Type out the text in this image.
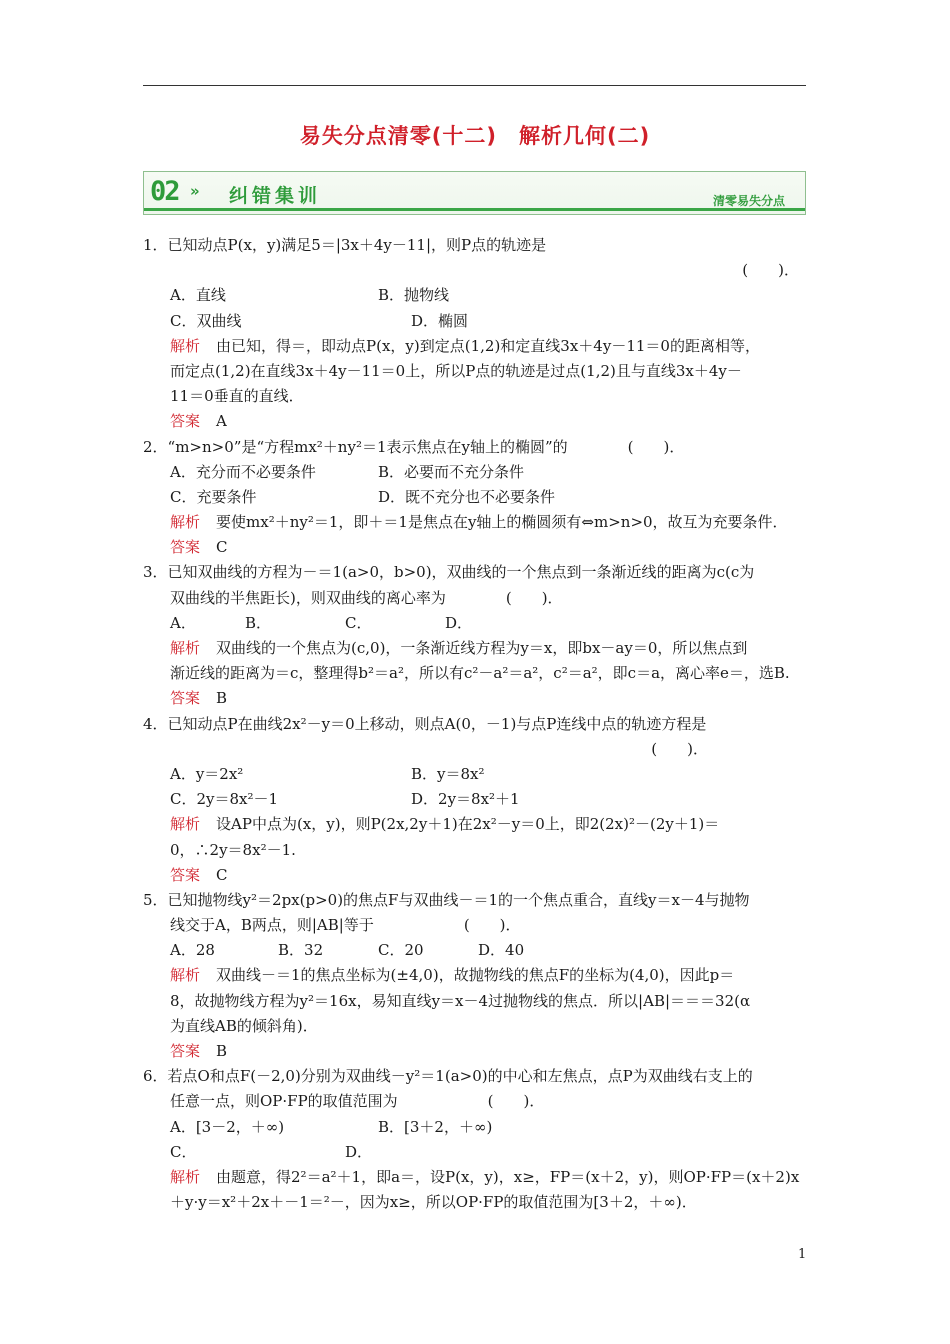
易失分点清零(十二)　解析几何(二)
02 » 纠错集训	清零易失分点
1．已知动点P(x，y)满足5＝|3x＋4y－11|，则P点的轨迹是
(　　)．
A．直线	B．抛物线
C．双曲线	D．椭圆
解析 由已知，得＝，即动点P(x，y)到定点(1,2)和定直线3x＋4y－11＝0的距离相等，
而定点(1,2)在直线3x＋4y－11＝0上，所以P点的轨迹是过点(1,2)且与直线3x＋4y－
11＝0垂直的直线．
答案 A
2．“m>n>0”是“方程mx²＋ny²＝1表示焦点在y轴上的椭圆”的　　　　(　　)．
A．充分而不必要条件	B．必要而不充分条件
C．充要条件	D．既不充分也不必要条件
解析 要使mx²＋ny²＝1，即＋＝1是焦点在y轴上的椭圆须有⇔m>n>0，故互为充要条件．
答案 C
3．已知双曲线的方程为－＝1(a>0，b>0)，双曲线的一个焦点到一条渐近线的距离为c(c为
双曲线的半焦距长)，则双曲线的离心率为　　　　(　　)．
A．	B．	C．	D．
解析 双曲线的一个焦点为(c,0)，一条渐近线方程为y＝x，即bx－ay＝0，所以焦点到
渐近线的距离为＝c，整理得b²＝a²，所以有c²－a²＝a²，c²＝a²，即c＝a，离心率e＝，选B.
答案 B
4．已知动点P在曲线2x²－y＝0上移动，则点A(0，－1)与点P连线中点的轨迹方程是
(　　)．
A．y＝2x²	B．y＝8x²
C．2y＝8x²－1	D．2y＝8x²＋1
解析 设AP中点为(x，y)，则P(2x,2y＋1)在2x²－y＝0上，即2(2x)²－(2y＋1)＝
0，∴2y＝8x²－1.
答案 C
5．已知抛物线y²＝2px(p>0)的焦点F与双曲线－＝1的一个焦点重合，直线y＝x－4与抛物
线交于A，B两点，则|AB|等于　　　　　　(　　)．
A．28	B．32	C．20	D．40
解析 双曲线－＝1的焦点坐标为(±4,0)，故抛物线的焦点F的坐标为(4,0)，因此p＝
8，故抛物线方程为y²＝16x，易知直线y＝x－4过抛物线的焦点．所以|AB|＝＝＝32(α
为直线AB的倾斜角)．
答案 B
6．若点O和点F(－2,0)分别为双曲线－y²＝1(a>0)的中心和左焦点，点P为双曲线右支上的
任意一点，则OP·FP的取值范围为　　　　　　(　　)．
A．[3－2，＋∞)	B．[3＋2，＋∞)
C．	D．
解析 由题意，得2²＝a²＋1，即a＝，设P(x，y)，x≥，FP＝(x＋2，y)，则OP·FP＝(x＋2)x
＋y·y＝x²＋2x＋－1＝²－，因为x≥，所以OP·FP的取值范围为[3＋2，＋∞)．
1
